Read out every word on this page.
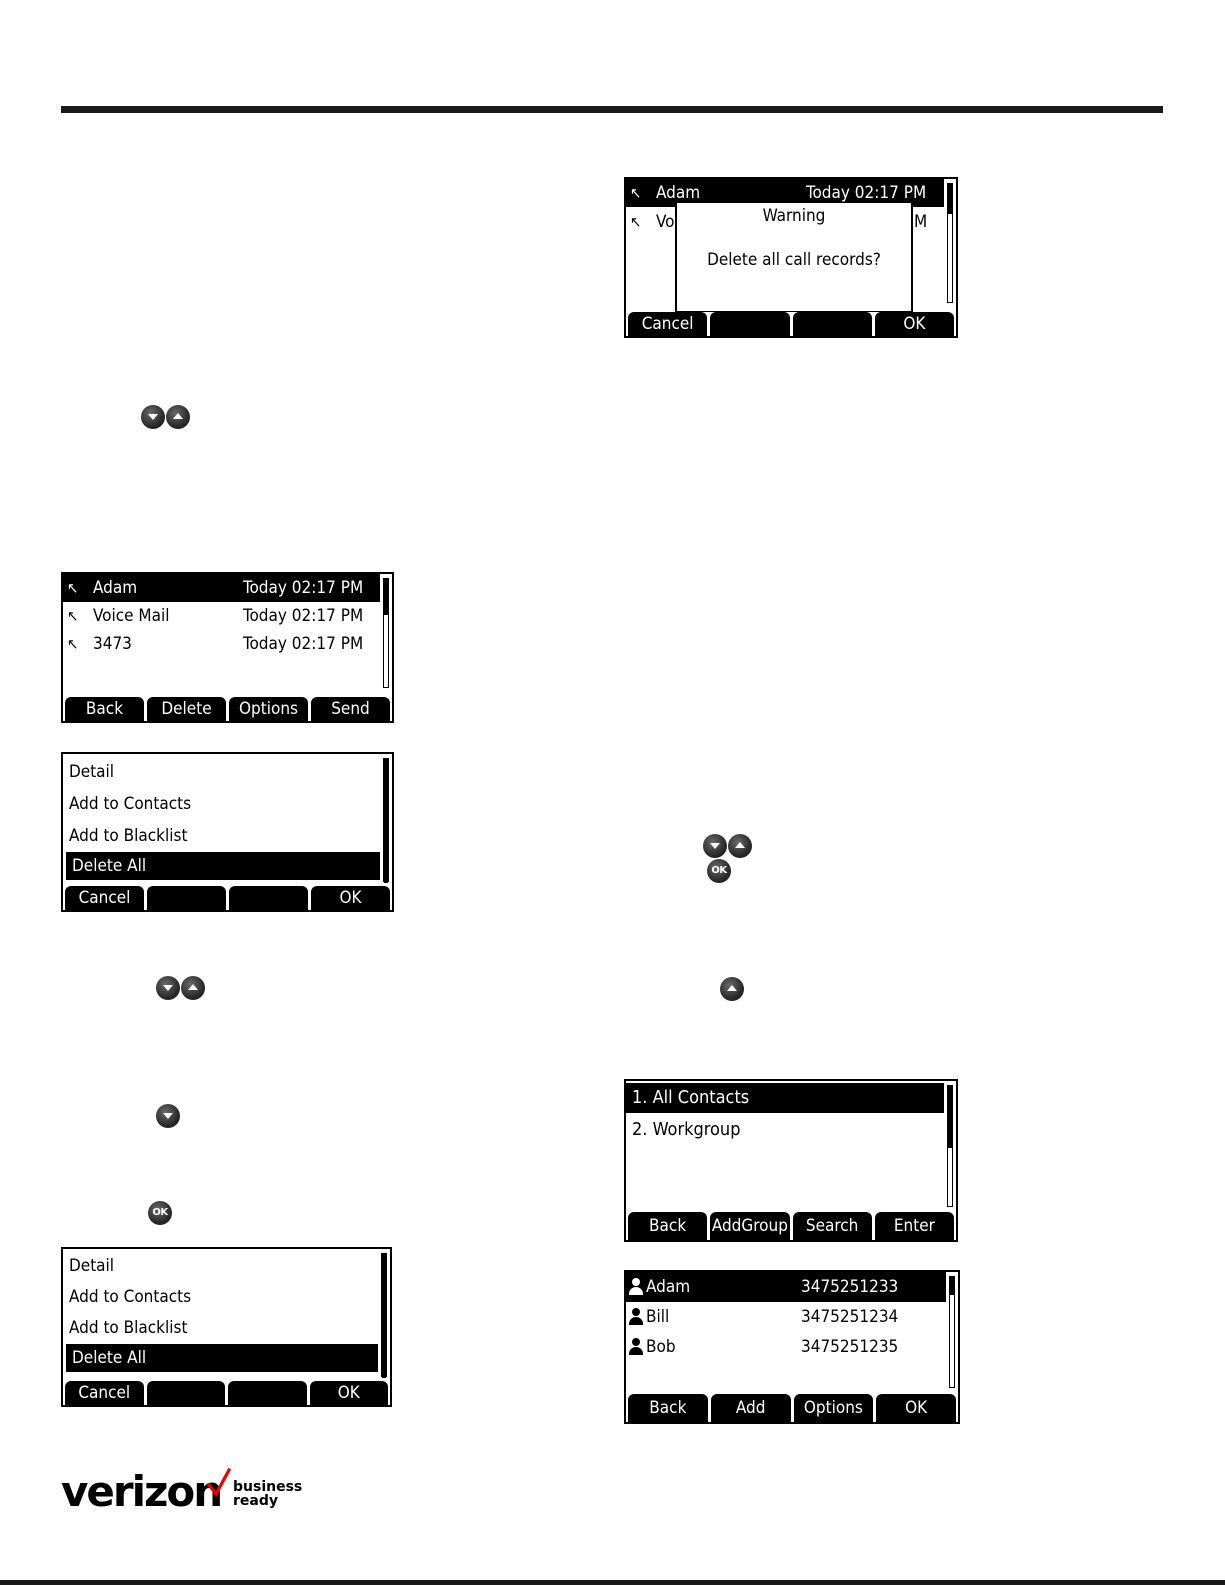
↖ Adam	Today 02:17 PM
↖ Voice Mail	Today 02:17 PM
↖ 3473	Today 02:17 PM
Back	Delete	Options	Send
Detail
Add to Contacts
Add to Blacklist
Delete All
Cancel	OK
OK
Detail
Add to Contacts
Add to Blacklist
Delete All
Cancel	OK
↖ Adam	Today 02:17 PM
↖ Vo	M
Warning
Delete all call records?
Cancel	OK
OK
1. All Contacts
2. Workgroup
Back	AddGroup	Search	Enter
Adam	3475251233
Bill	3475251234
Bob	3475251235
Back	Add	Options	OK
verizon business
ready
